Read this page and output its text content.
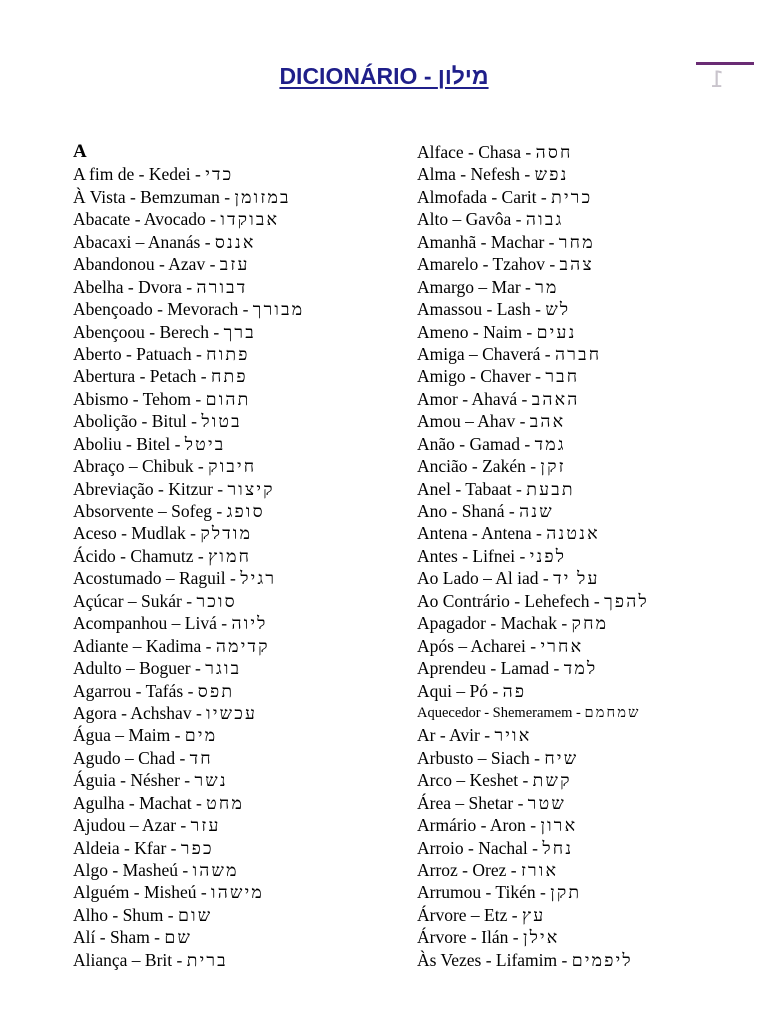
1
DICIONÁRIO - מילון
A
A fim de - Kedei - כדי
À Vista - Bemzuman - במזומן
Abacate - Avocado - אבוקדו
Abacaxi – Ananás - אננס
Abandonou - Azav - עזב
Abelha - Dvora - דבורה
Abençoado - Mevorach - מבורך
Abençoou - Berech - ברך
Aberto - Patuach - פתוח
Abertura - Petach - פתח
Abismo - Tehom - תהום
Abolição - Bitul - בטול
Aboliu - Bitel - ביטל
Abraço – Chibuk - חיבוק
Abreviação - Kitzur - קיצור
Absorvente – Sofeg - סופג
Aceso - Mudlak - מודלק
Ácido - Chamutz - חמוץ
Acostumado – Raguil - רגיל
Açúcar – Sukár - סוכר
Acompanhou – Livá - ליוה
Adiante – Kadima - קדימה
Adulto – Boguer - בוגר
Agarrou - Tafás - תפס
Agora - Achshav - עכשיו
Água – Maim - מים
Agudo – Chad - חד
Águia - Nésher - נשר
Agulha - Machat - מחט
Ajudou – Azar - עזר
Aldeia - Kfar - כפר
Algo - Masheú - משהו
Alguém - Misheú - מישהו
Alho - Shum - שום
Alí - Sham - שם
Aliança – Brit - ברית
Alface - Chasa - חסה
Alma - Nefesh - נפש
Almofada - Carit - כרית
Alto – Gavôa - גבוה
Amanhã - Machar - מחר
Amarelo - Tzahov - צהב
Amargo – Mar - מר
Amassou - Lash - לש
Ameno - Naim - נעים
Amiga – Chaverá - חברה
Amigo - Chaver - חבר
Amor - Ahavá - האהב
Amou – Ahav - אהב
Anão - Gamad - גמד
Ancião - Zakén - זקן
Anel - Tabaat - תבעת
Ano - Shaná - שנה
Antena - Antena - אנטנה
Antes - Lifnei - לפני
Ao Lado – Al iad - על יד
Ao Contrário - Lehefech - להפך
Apagador - Machak - מחק
Após – Acharei - אחרי
Aprendeu - Lamad - למד
Aqui – Pó - פה
Aquecedor - Shemeramem - שמחמם
Ar - Avir - אויר
Arbusto – Siach - שיח
Arco – Keshet - קשת
Área – Shetar - שטר
Armário - Aron - ארון
Arroio - Nachal - נחל
Arroz - Orez - אורז
Arrumou - Tikén - תקן
Árvore – Etz - עץ
Árvore - Ilán - אילן
Às Vezes - Lifamim - ליפמים
